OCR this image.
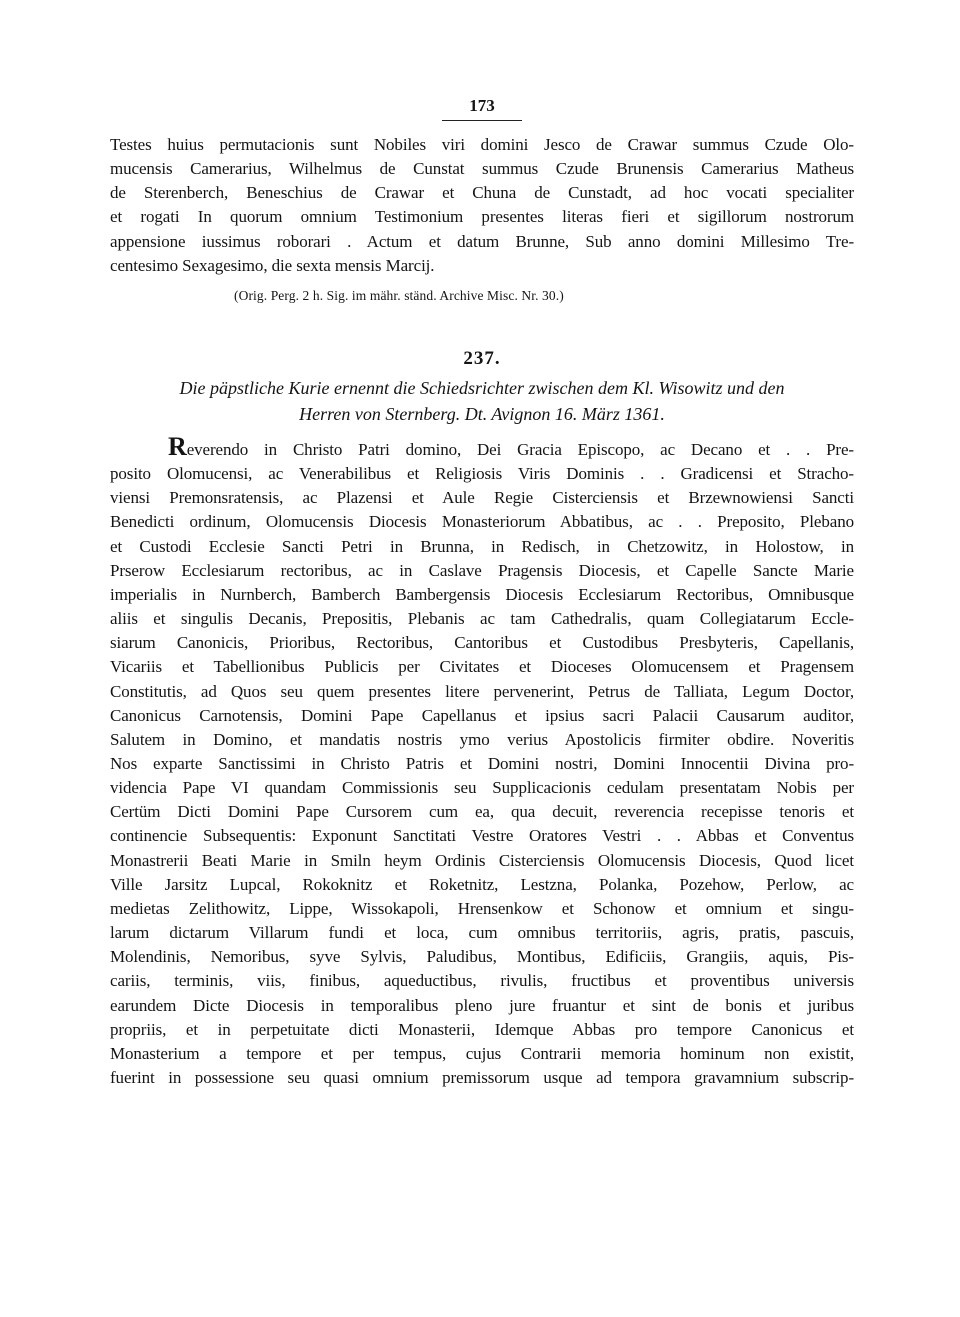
173
Testes huius permutacionis sunt Nobiles viri domini Jesco de Crawar summus Czude Olo-
mucensis Camerarius, Wilhelmus de Cunstat summus Czude Brunensis Camerarius Matheus
de Sterenberch, Beneschius de Crawar et Chuna de Cunstadt, ad hoc vocati specialiter
et rogati In quorum omnium Testimonium presentes literas fieri et sigillorum nostrorum
appensione iussimus roborari . Actum et datum Brunne, Sub anno domini Millesimo Tre-
centesimo Sexagesimo, die sexta mensis Marcij.
(Orig. Perg. 2 h. Sig. im mähr. ständ. Archive Misc. Nr. 30.)
237.
Die päpstliche Kurie ernennt die Schiedsrichter zwischen dem Kl. Wisowitz und den
Herren von Sternberg. Dt. Avignon 16. März 1361.
Reverendo in Christo Patri domino, Dei Gracia Episcopo, ac Decano et . . Pre-
posito Olomucensi, ac Venerabilibus et Religiosis Viris Dominis . . Gradicensi et Stracho-
viensi Premonsratensis, ac Plazensi et Aule Regie Cisterciensis et Brzewnowiensi Sancti
Benedicti ordinum, Olomucensis Diocesis Monasteriorum Abbatibus, ac . . Preposito, Plebano
et Custodi Ecclesie Sancti Petri in Brunna, in Redisch, in Chetzowitz, in Holostow, in
Prserow Ecclesiarum rectoribus, ac in Caslave Pragensis Diocesis, et Capelle Sancte Marie
imperialis in Nurnberch, Bamberch Bambergensis Diocesis Ecclesiarum Rectoribus, Omnibusque
aliis et singulis Decanis, Prepositis, Plebanis ac tam Cathedralis, quam Collegiatarum Eccle-
siarum Canonicis, Prioribus, Rectoribus, Cantoribus et Custodibus Presbyteris, Capellanis,
Vicariis et Tabellionibus Publicis per Civitates et Dioceses Olomucensem et Pragensem
Constitutis, ad Quos seu quem presentes litere pervenerint, Petrus de Talliata, Legum Doctor,
Canonicus Carnotensis, Domini Pape Capellanus et ipsius sacri Palacii Causarum auditor,
Salutem in Domino, et mandatis nostris ymo verius Apostolicis firmiter obdire. Noveritis
Nos exparte Sanctissimi in Christo Patris et Domini nostri, Domini Innocentii Divina pro-
videncia Pape VI quandam Commissionis seu Supplicacionis cedulam presentatam Nobis per
Certüm Dicti Domini Pape Cursorem cum ea, qua decuit, reverencia recepisse tenoris et
continencie Subsequentis: Exponunt Sanctitati Vestre Oratores Vestri . . Abbas et Conventus
Monastrerii Beati Marie in Smiln heym Ordinis Cisterciensis Olomucensis Diocesis, Quod licet
Ville Jarsitz Lupcal, Rokoknitz et Roketnitz, Lestzna, Polanka, Pozehow, Perlow, ac
medietas Zelithowitz, Lippe, Wissokapoli, Hrensenkow et Schonow et omnium et singu-
larum dictarum Villarum fundi et loca, cum omnibus territoriis, agris, pratis, pascuis,
Molendinis, Nemoribus, syve Sylvis, Paludibus, Montibus, Edificiis, Grangiis, aquis, Pis-
cariis, terminis, viis, finibus, aqueductibus, rivulis, fructibus et proventibus universis
earundem Dicte Diocesis in temporalibus pleno jure fruantur et sint de bonis et juribus
propriis, et in perpetuitate dicti Monasterii, Idemque Abbas pro tempore Canonicus et
Monasterium a tempore et per tempus, cujus Contrarii memoria hominum non existit,
fuerint in possessione seu quasi omnium premissorum usque ad tempora gravamnium subscrip-
